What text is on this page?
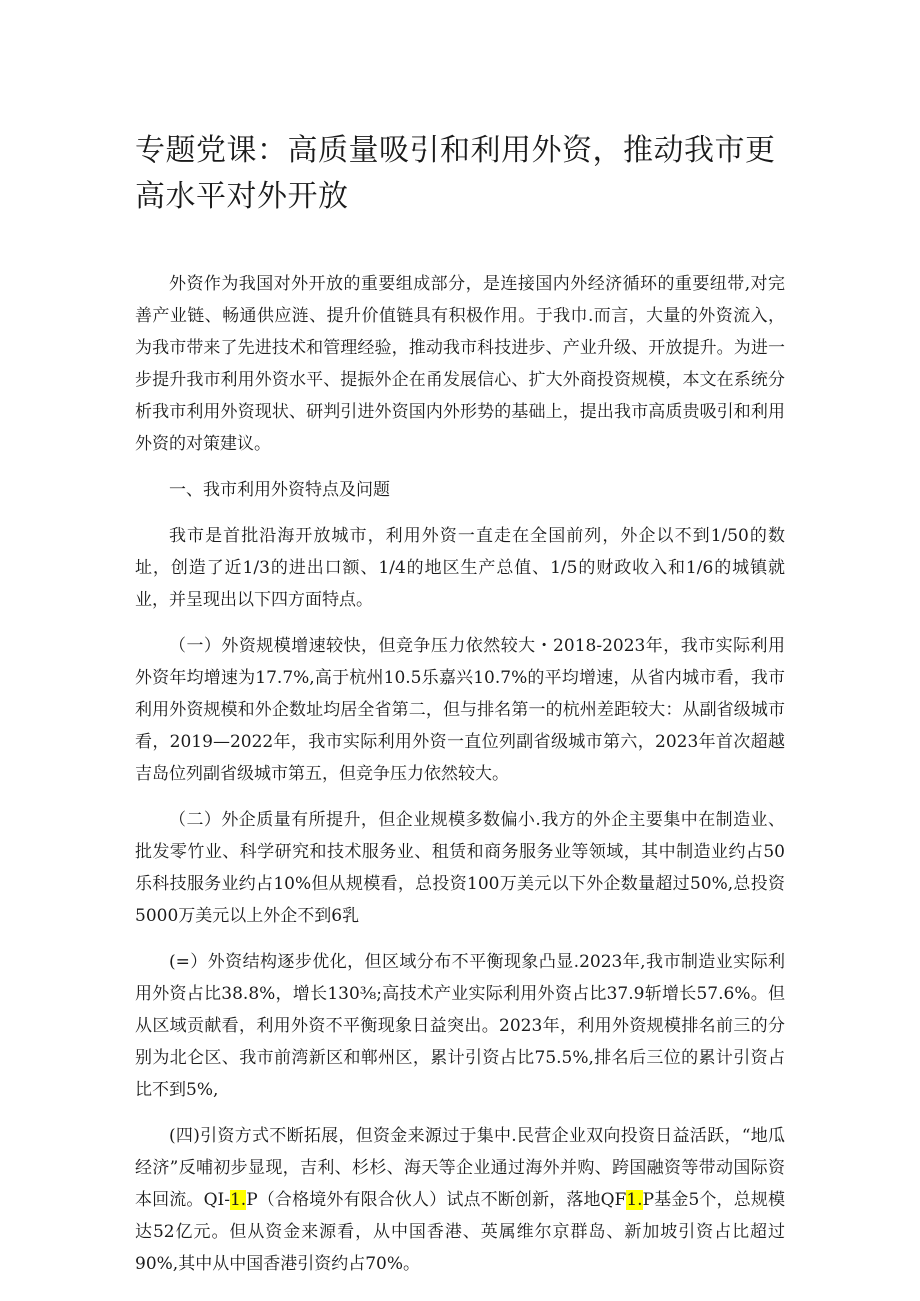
专题党课：高质量吸引和利用外资，推动我市更高水平对外开放

外资作为我国对外开放的重要组成部分，是连接国内外经济循环的重要纽带,对完善产业链、畅通供应涟、提升价值链具有积极作用。于我巾.而言，大量的外资流入，为我市带来了先进技术和管理经验，推动我市科技进步、产业升级、开放提升。为进一步提升我市利用外资水平、提振外企在甬发展信心、扩大外商投资规模，本文在系统分析我市利用外资现状、研判引进外资国内外形势的基础上，提出我市高质贵吸引和利用外资的对策建议。

一、我市利用外资特点及问题

我市是首批沿海开放城市，利用外资一直走在全国前列，外企以不到1/50的数址，创造了近1/3的进出口额、1/4的地区生产总值、1/5的财政收入和1/6的城镇就业，并呈现出以下四方面特点。

（一）外资规模增速较快，但竞争压力依然较大・2018-2023年，我市实际利用外资年均增速为17.7%,高于杭州10.5乐嘉兴10.7%的平均增速，从省内城市看，我市利用外资规模和外企数址均居全省第二，但与排名第一的杭州差距较大：从副省级城市看，2019—2022年，我市实际利用外资一直位列副省级城市第六，2023年首次超越吉岛位列副省级城市第五，但竞争压力依然较大。

（二）外企质量有所提升，但企业规模多数偏小.我方的外企主要集中在制造业、批发零竹业、科学研究和技术服务业、租赁和商务服务业等领域，其中制造业约占50乐科技服务业约占10%但从规模看，总投资100万美元以下外企数量超过50%,总投资5000万美元以上外企不到6乳

(=）外资结构逐步优化，但区域分布不平衡现象凸显.2023年,我市制造业实际利用外资占比38.8%，增长130⅜;高技术产业实际利用外资占比37.9斩增长57.6%。但从区域贡献看，利用外资不平衡现象日益突出。2023年，利用外资规模排名前三的分别为北仑区、我市前湾新区和郸州区，累计引资占比75.5%,排名后三位的累计引资占比不到5%,

(四)引资方式不断拓展，但资金来源过于集中.民营企业双向投资日益活跃，“地瓜经济”反哺初步显现，吉利、杉杉、海天等企业通过海外并购、跨国融资等带动国际资本回流。QI-1.P（合格境外有限合伙人）试点不断创新，落地QF1.P基金5个，总规模达52亿元。但从资金来源看，从中国香港、英属维尔京群岛、新加坡引资占比超过90%,其中从中国香港引资约占70%。
